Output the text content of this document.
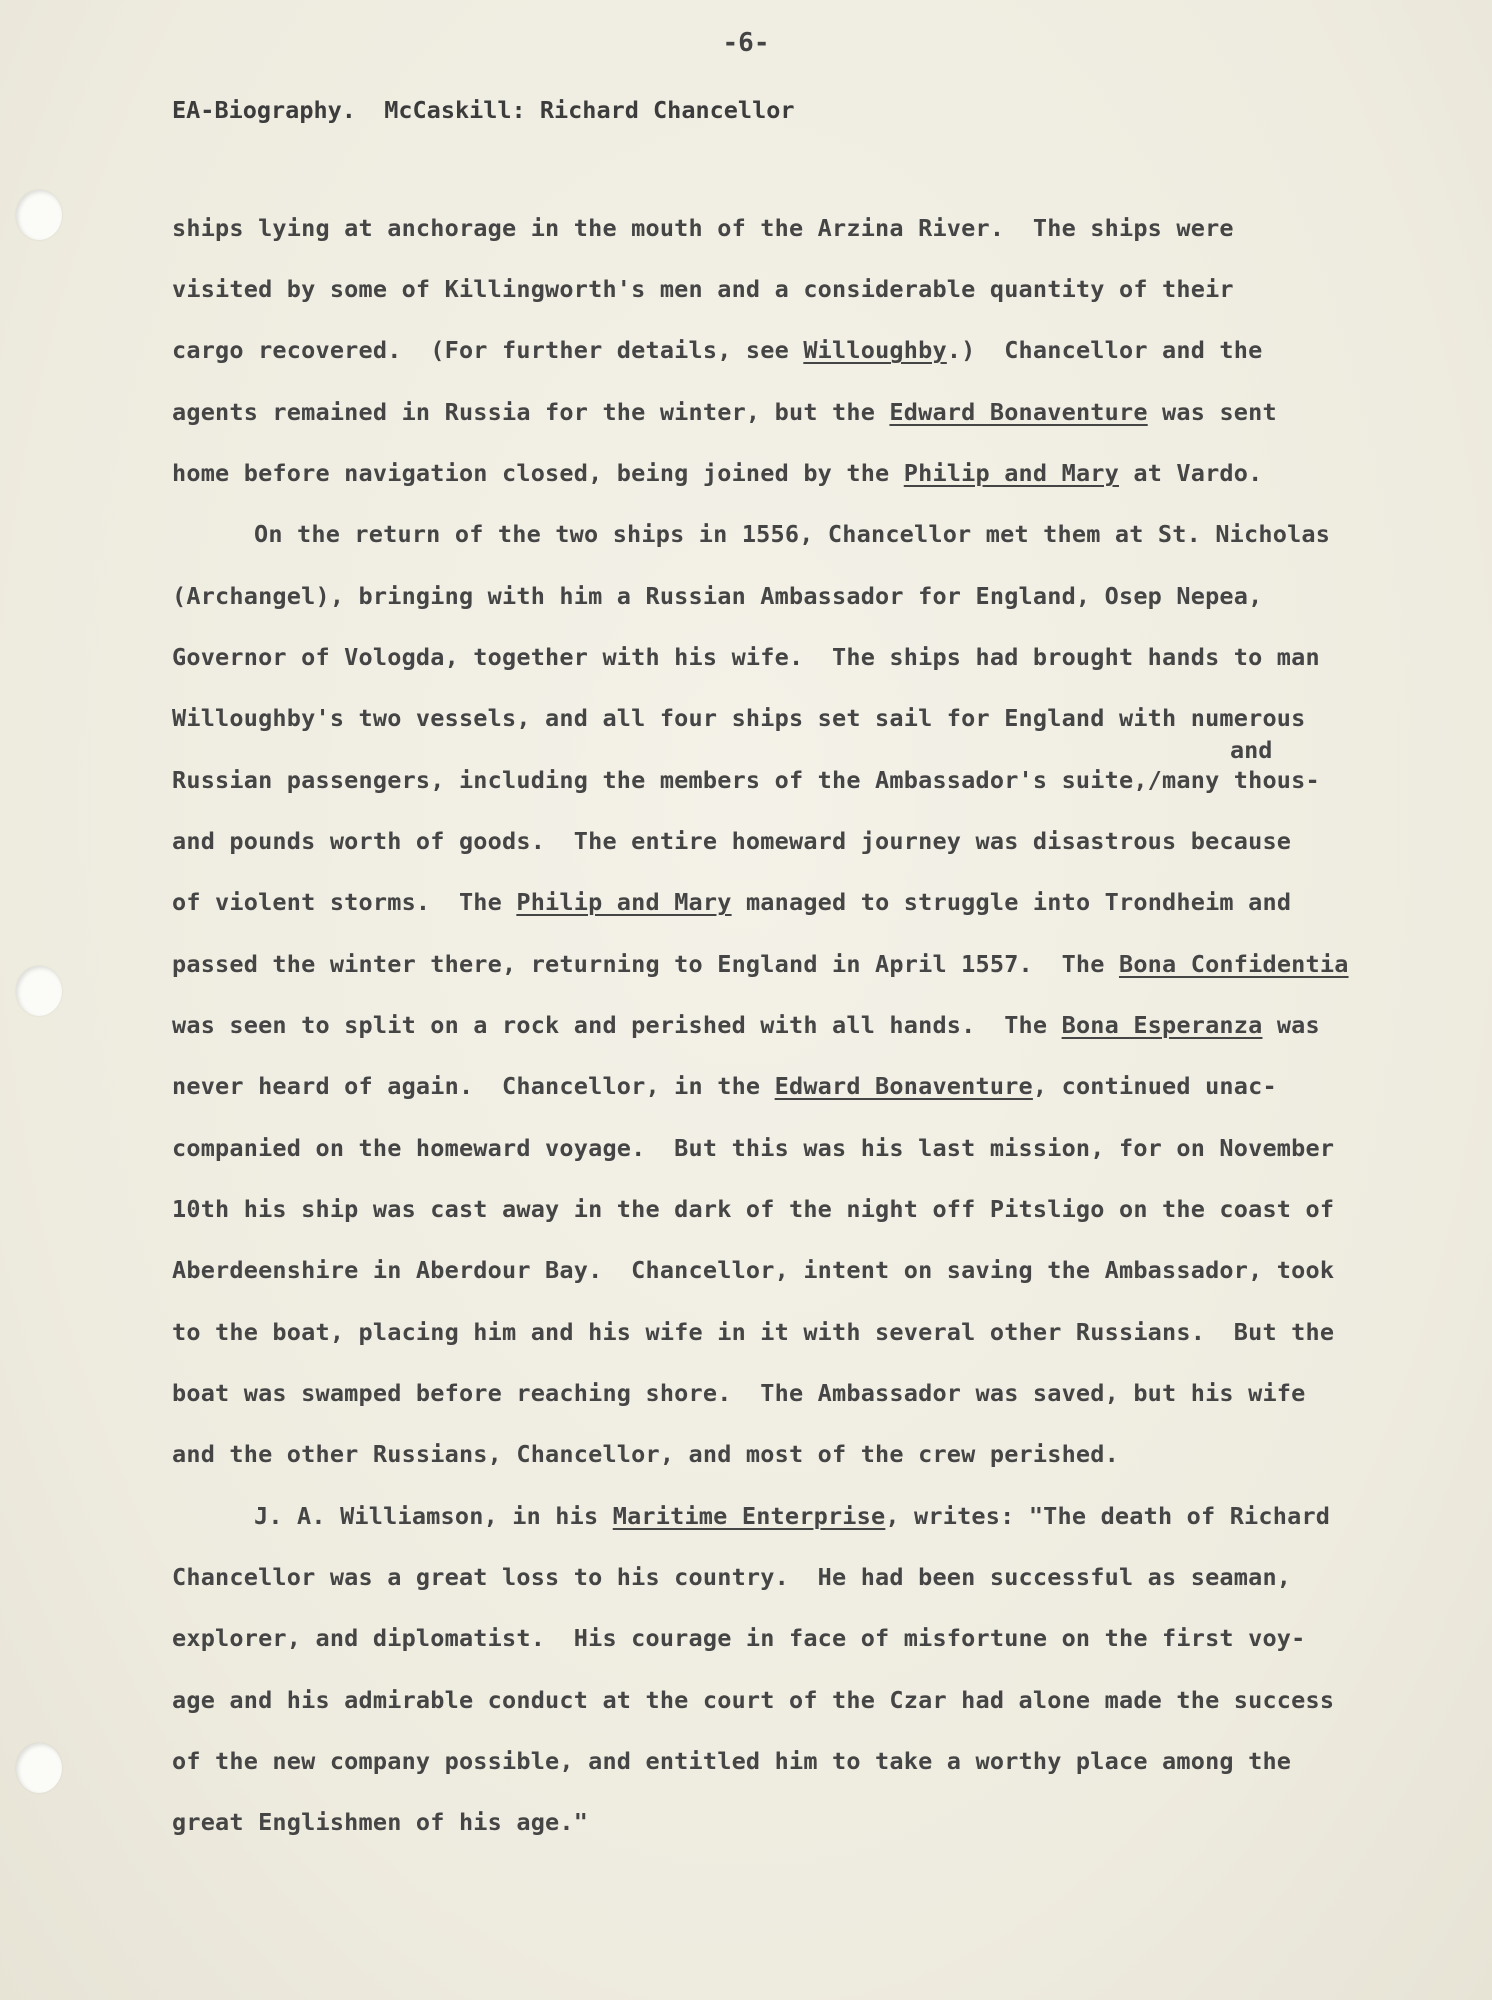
-6-
EA-Biography.  McCaskill: Richard Chancellor
ships lying at anchorage in the mouth of the Arzina River.  The ships were
visited by some of Killingworth's men and a considerable quantity of their
cargo recovered.  (For further details, see Willoughby.)  Chancellor and the
agents remained in Russia for the winter, but the Edward Bonaventure was sent
home before navigation closed, being joined by the Philip and Mary at Vardo.
On the return of the two ships in 1556, Chancellor met them at St. Nicholas
(Archangel), bringing with him a Russian Ambassador for England, Osep Nepea,
Governor of Vologda, together with his wife.  The ships had brought hands to man
Willoughby's two vessels, and all four ships set sail for England with numerous
Russian passengers, including the members of the Ambassador's suite,/many thous-
and pounds worth of goods.  The entire homeward journey was disastrous because
of violent storms.  The Philip and Mary managed to struggle into Trondheim and
passed the winter there, returning to England in April 1557.  The Bona Confidentia
was seen to split on a rock and perished with all hands.  The Bona Esperanza was
never heard of again.  Chancellor, in the Edward Bonaventure, continued unac-
companied on the homeward voyage.  But this was his last mission, for on November
10th his ship was cast away in the dark of the night off Pitsligo on the coast of
Aberdeenshire in Aberdour Bay.  Chancellor, intent on saving the Ambassador, took
to the boat, placing him and his wife in it with several other Russians.  But the
boat was swamped before reaching shore.  The Ambassador was saved, but his wife
and the other Russians, Chancellor, and most of the crew perished.
J. A. Williamson, in his Maritime Enterprise, writes: "The death of Richard
Chancellor was a great loss to his country.  He had been successful as seaman,
explorer, and diplomatist.  His courage in face of misfortune on the first voy-
age and his admirable conduct at the court of the Czar had alone made the success
of the new company possible, and entitled him to take a worthy place among the
great Englishmen of his age."
and
